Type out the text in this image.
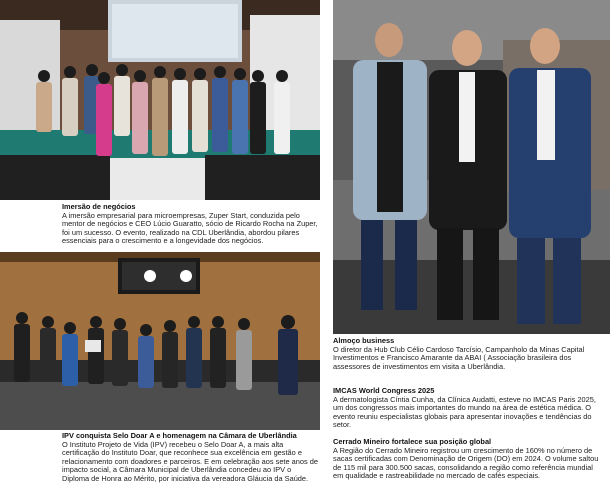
Imersão de negócios
A imersão empresarial para microempresas, Zuper Start, conduzida pelo mentor de negócios e CEO Lúcio Guaratto, sócio de Ricardo Rocha na Zuper, foi um sucesso. O evento, realizado na CDL Uberlândia, abordou pilares essenciais para o crescimento e a longevidade dos negócios.
IPV conquista Selo Doar A e homenagem na Câmara de Uberlândia
O Instituto Projeto de Vida (IPV) recebeu o Selo Doar A, a mais alta certificação do Instituto Doar, que reconhece sua excelência em gestão e relacionamento com doadores e parceiros. E em celebração aos sete anos de impacto social, a Câmara Municipal de Uberlândia concedeu ao IPV o Diploma de Honra ao Mérito, por iniciativa da vereadora Gláucia da Saúde.
Almoço business
O diretor da Hub Club Célio Cardoso Tarcísio, Campanholo da Minas Capital Investimentos e Francisco Amarante da ABAI ( Associação brasileira dos assessores de investimentos em visita a Uberlândia.
IMCAS World Congress 2025
A dermatologista Cíntia Cunha, da Clínica Audatti, esteve no IMCAS Paris 2025, um dos congressos mais importantes do mundo na área de estética médica. O evento reuniu especialistas globais para apresentar inovações e tendências do setor.
Cerrado Mineiro fortalece sua posição global
A Região do Cerrado Mineiro registrou um crescimento de 160% no número de sacas certificadas com Denominação de Origem (DO) em 2024. O volume saltou de 115 mil para 300.500 sacas, consolidando a região como referência mundial em qualidade e rastreabilidade no mercado de cafés especiais.
